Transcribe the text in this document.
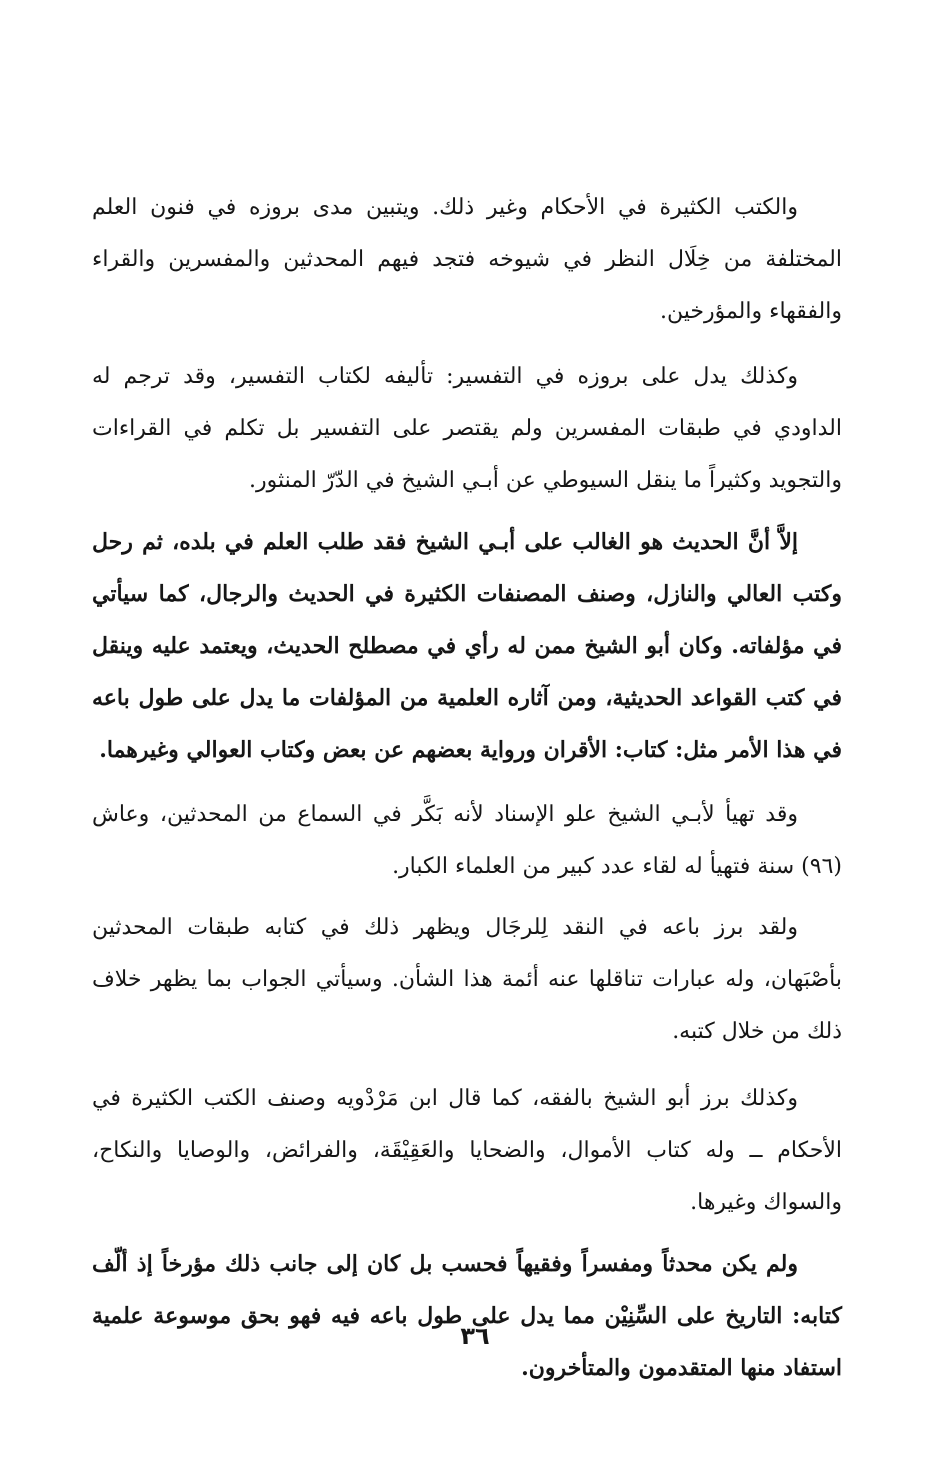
والكتب الكثيرة في الأحكام وغير ذلك. ويتبين مدى بروزه في فنون العلم المختلفة من خِلَال النظر في شيوخه فتجد فيهم المحدثين والمفسرين والقراء والفقهاء والمؤرخين.

وكذلك يدل على بروزه في التفسير: تأليفه لكتاب التفسير، وقد ترجم له الداودي في طبقات المفسرين ولم يقتصر على التفسير بل تكلم في القراءات والتجويد وكثيراً ما ينقل السيوطي عن أبـي الشيخ في الدّرّ المنثور.

إلاَّ أنَّ الحديث هو الغالب على أبـي الشيخ فقد طلب العلم في بلده، ثم رحل وكتب العالي والنازل، وصنف المصنفات الكثيرة في الحديث والرجال، كما سيأتي في مؤلفاته. وكان أبو الشيخ ممن له رأي في مصطلح الحديث، ويعتمد عليه وينقل في كتب القواعد الحديثية، ومن آثاره العلمية من المؤلفات ما يدل على طول باعه في هذا الأمر مثل: كتاب: الأقران ورواية بعضهم عن بعض وكتاب العوالي وغيرهما.

وقد تهيأ لأبـي الشيخ علو الإسناد لأنه بَكَّر في السماع من المحدثين، وعاش (٩٦) سنة فتهيأ له لقاء عدد كبير من العلماء الكبار.

ولقد برز باعه في النقد لِلرجَال ويظهر ذلك في كتابه طبقات المحدثين بأصْبَهان، وله عبارات تناقلها عنه أئمة هذا الشأن. وسيأتي الجواب بما يظهر خلاف ذلك من خلال كتبه.

وكذلك برز أبو الشيخ بالفقه، كما قال ابن مَرْدْويه وصنف الكتب الكثيرة في الأحكام ــ وله كتاب الأموال، والضحايا والعَقِيْقَة، والفرائض، والوصايا والنكاح، والسواك وغيرها.

ولم يكن محدثاً ومفسراً وفقيهاً فحسب بل كان إلى جانب ذلك مؤرخاً إذ ألّف كتابه: التاريخ على السِّنِيْن مما يدل على طول باعه فيه فهو بحق موسوعة علمية استفاد منها المتقدمون والمتأخرون.

٣٦
